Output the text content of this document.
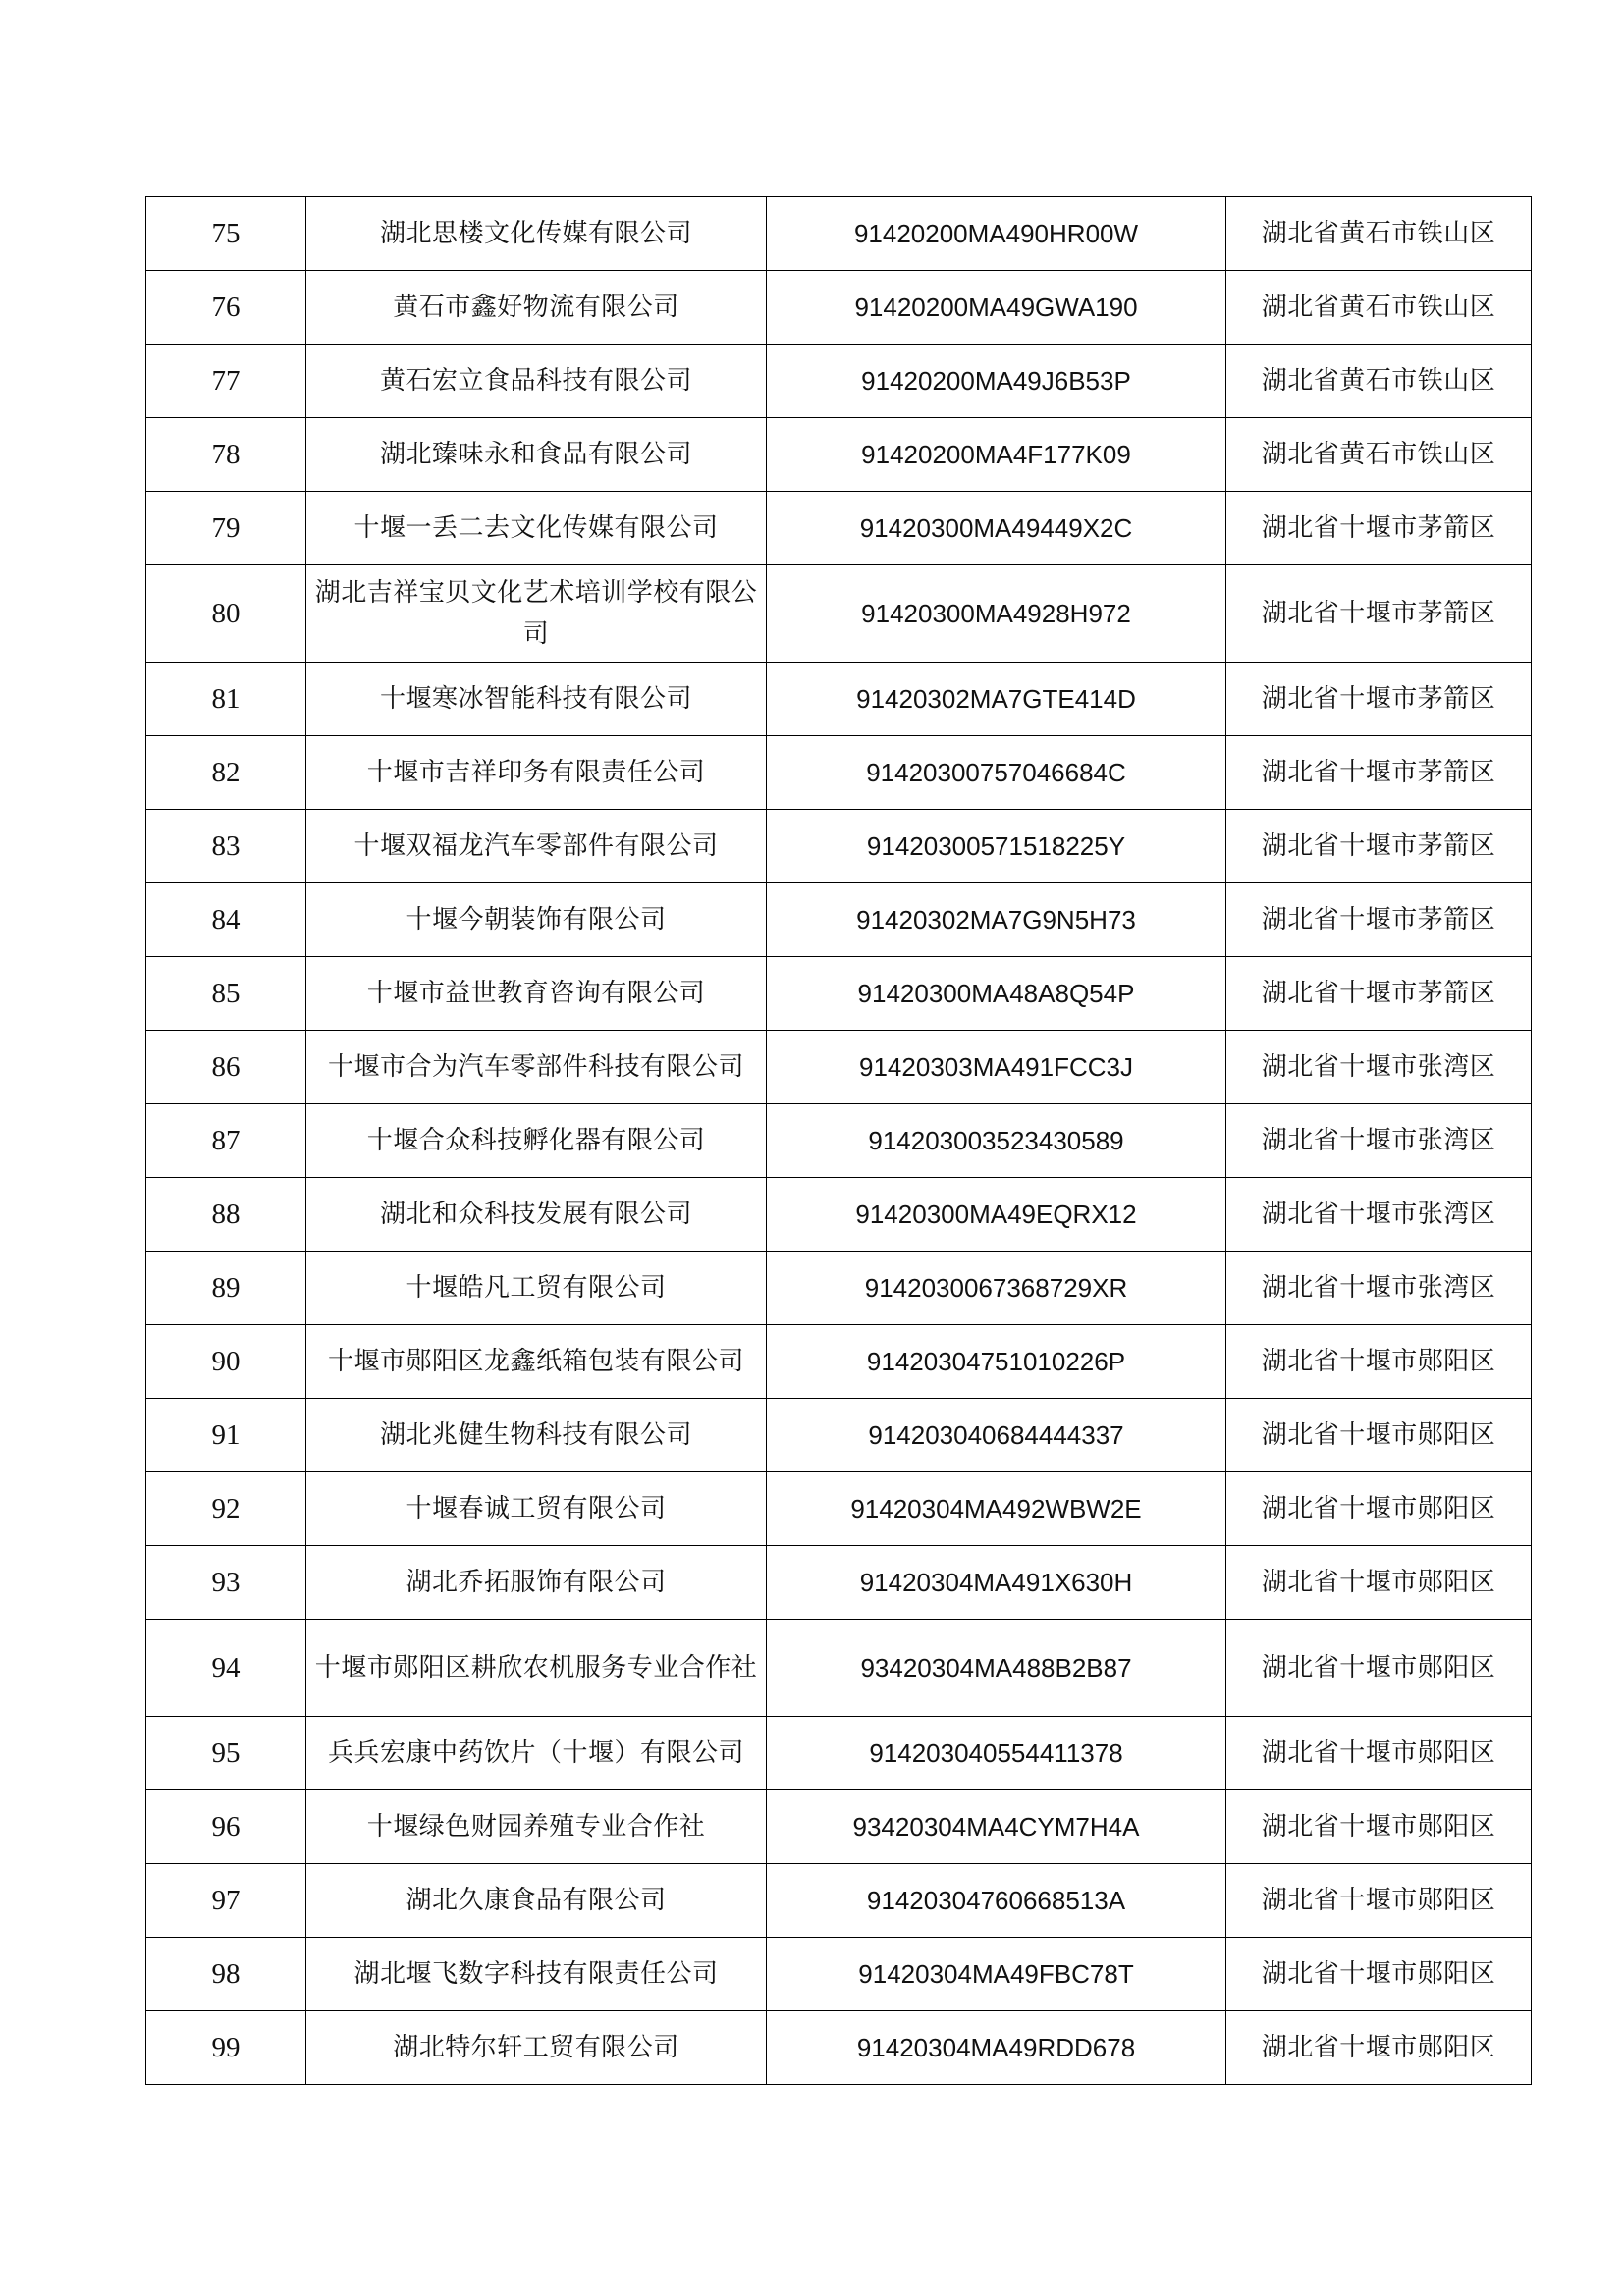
75	湖北思楼文化传媒有限公司	91420200MA490HR00W	湖北省黄石市铁山区
76	黄石市鑫好物流有限公司	91420200MA49GWA190	湖北省黄石市铁山区
77	黄石宏立食品科技有限公司	91420200MA49J6B53P	湖北省黄石市铁山区
78	湖北臻味永和食品有限公司	91420200MA4F177K09	湖北省黄石市铁山区
79	十堰一丢二去文化传媒有限公司	91420300MA49449X2C	湖北省十堰市茅箭区
80	湖北吉祥宝贝文化艺术培训学校有限公司	91420300MA4928H972	湖北省十堰市茅箭区
81	十堰寒冰智能科技有限公司	91420302MA7GTE414D	湖北省十堰市茅箭区
82	十堰市吉祥印务有限责任公司	91420300757046684C	湖北省十堰市茅箭区
83	十堰双福龙汽车零部件有限公司	91420300571518225Y	湖北省十堰市茅箭区
84	十堰今朝装饰有限公司	91420302MA7G9N5H73	湖北省十堰市茅箭区
85	十堰市益世教育咨询有限公司	91420300MA48A8Q54P	湖北省十堰市茅箭区
86	十堰市合为汽车零部件科技有限公司	91420303MA491FCC3J	湖北省十堰市张湾区
87	十堰合众科技孵化器有限公司	914203003523430589	湖北省十堰市张湾区
88	湖北和众科技发展有限公司	91420300MA49EQRX12	湖北省十堰市张湾区
89	十堰皓凡工贸有限公司	9142030067368729XR	湖北省十堰市张湾区
90	十堰市郧阳区龙鑫纸箱包装有限公司	91420304751010226P	湖北省十堰市郧阳区
91	湖北兆健生物科技有限公司	914203040684444337	湖北省十堰市郧阳区
92	十堰春诚工贸有限公司	91420304MA492WBW2E	湖北省十堰市郧阳区
93	湖北乔拓服饰有限公司	91420304MA491X630H	湖北省十堰市郧阳区
94	十堰市郧阳区耕欣农机服务专业合作社	93420304MA488B2B87	湖北省十堰市郧阳区
95	兵兵宏康中药饮片（十堰）有限公司	914203040554411378	湖北省十堰市郧阳区
96	十堰绿色财园养殖专业合作社	93420304MA4CYM7H4A	湖北省十堰市郧阳区
97	湖北久康食品有限公司	91420304760668513A	湖北省十堰市郧阳区
98	湖北堰飞数字科技有限责任公司	91420304MA49FBC78T	湖北省十堰市郧阳区
99	湖北特尔轩工贸有限公司	91420304MA49RDD678	湖北省十堰市郧阳区
